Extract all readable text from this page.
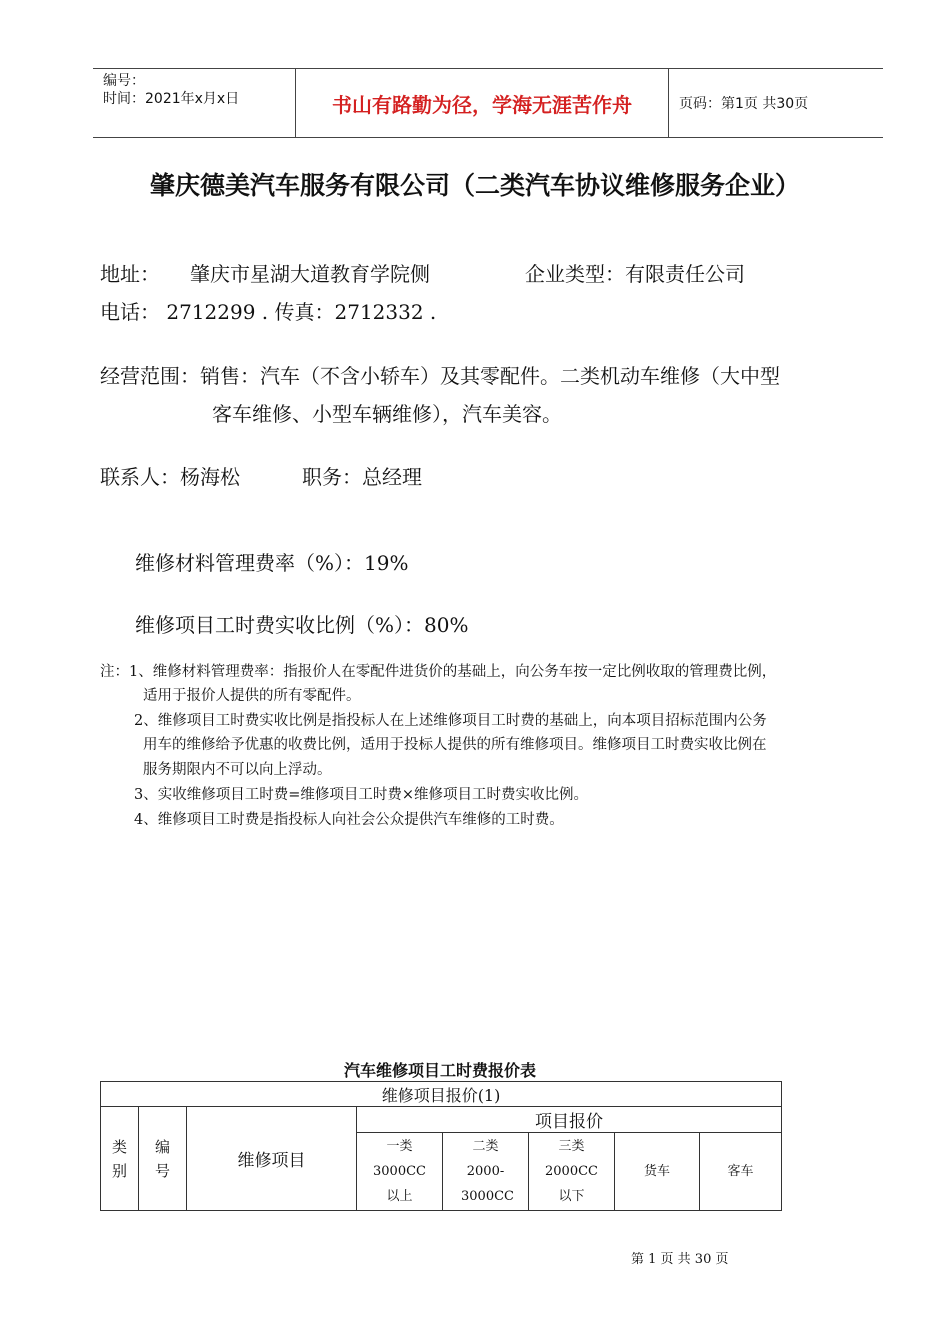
编号：
时间：2021年x月x日	书山有路勤为径，学海无涯苦作舟	页码：第1页 共30页
肇庆德美汽车服务有限公司（二类汽车协议维修服务企业）
地址： 肇庆市星湖大道教育学院侧	企业类型：有限责任公司
电话： 2712299 . 传真：2712332 .
经营范围：销售：汽车（不含小轿车）及其零配件。二类机动车维修（大中型
客车维修、小型车辆维修），汽车美容。
联系人：杨海松	职务：总经理
维修材料管理费率（%）：19%
维修项目工时费实收比例（%）：80%
注：1、维修材料管理费率：指报价人在零配件进货价的基础上，向公务车按一定比例收取的管理费比例，
适用于报价人提供的所有零配件。
2、维修项目工时费实收比例是指投标人在上述维修项目工时费的基础上，向本项目招标范围内公务
用车的维修给予优惠的收费比例，适用于投标人提供的所有维修项目。维修项目工时费实收比例在
服务期限内不可以向上浮动。
3、实收维修项目工时费=维修项目工时费×维修项目工时费实收比例。
4、维修项目工时费是指投标人向社会公众提供汽车维修的工时费。
汽车维修项目工时费报价表
维修项目报价(1)							
类别	编号	维修项目	项目报价				
			一类3000CC以上	二类2000-3000CC	三类2000CC以下	货车	客车
第 1 页 共 30 页
